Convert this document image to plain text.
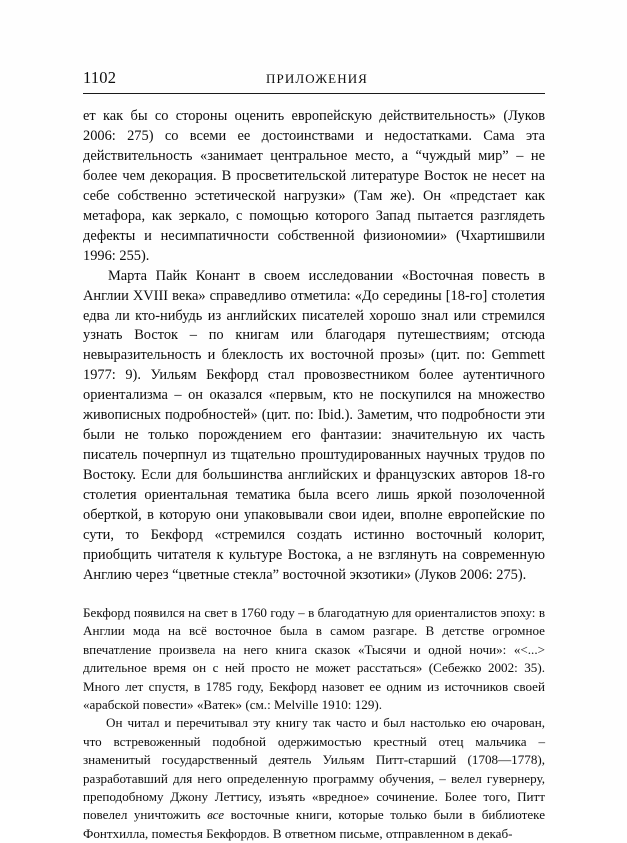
1102	ПРИЛОЖЕНИЯ

ет как бы со стороны оценить европейскую действительность» (Луков 2006: 275) со всеми ее достоинствами и недостатками. Сама эта действительность «занимает центральное место, а “чуждый мир” – не более чем декорация. В просветительской литературе Восток не несет на себе собственно эстетической нагрузки» (Там же). Он «предстает как метафора, как зеркало, с помощью которого Запад пытается разглядеть дефекты и несимпатичности собственной физиономии» (Чхартишвили 1996: 255).

Марта Пайк Конант в своем исследовании «Восточная повесть в Англии XVIII века» справедливо отметила: «До середины [18-го] столетия едва ли кто-нибудь из английских писателей хорошо знал или стремился узнать Восток – по книгам или благодаря путешествиям; отсюда невыразительность и блеклость их восточной прозы» (цит. по: Gemmett 1977: 9). Уильям Бекфорд стал провозвестником более аутентичного ориентализма – он оказался «первым, кто не поскупился на множество живописных подробностей» (цит. по: Ibid.). Заметим, что подробности эти были не только порождением его фантазии: значительную их часть писатель почерпнул из тщательно проштудированных научных трудов по Востоку. Если для большинства английских и французских авторов 18-го столетия ориентальная тематика была всего лишь яркой позолоченной оберткой, в которую они упаковывали свои идеи, вполне европейские по сути, то Бекфорд «стремился создать истинно восточный колорит, приобщить читателя к культуре Востока, а не взглянуть на современную Англию через “цветные стекла” восточной экзотики» (Луков 2006: 275).

Бекфорд появился на свет в 1760 году – в благодатную для ориенталистов эпоху: в Англии мода на всё восточное была в самом разгаре. В детстве огромное впечатление произвела на него книга сказок «Тысячи и одной ночи»: «<...> длительное время он с ней просто не может расстаться» (Себежко 2002: 35). Много лет спустя, в 1785 году, Бекфорд назовет ее одним из источников своей «арабской повести» «Ватек» (см.: Melville 1910: 129).

Он читал и перечитывал эту книгу так часто и был настолько ею очарован, что встревоженный подобной одержимостью крестный отец мальчика – знаменитый государственный деятель Уильям Питт-старший (1708—1778), разработавший для него определенную программу обучения, – велел гувернеру, преподобному Джону Леттису, изъять «вредное» сочинение. Более того, Питт повелел уничтожить все восточные книги, которые только были в библиотеке Фонтхилла, поместья Бекфордов. В ответном письме, отправленном в декаб-
